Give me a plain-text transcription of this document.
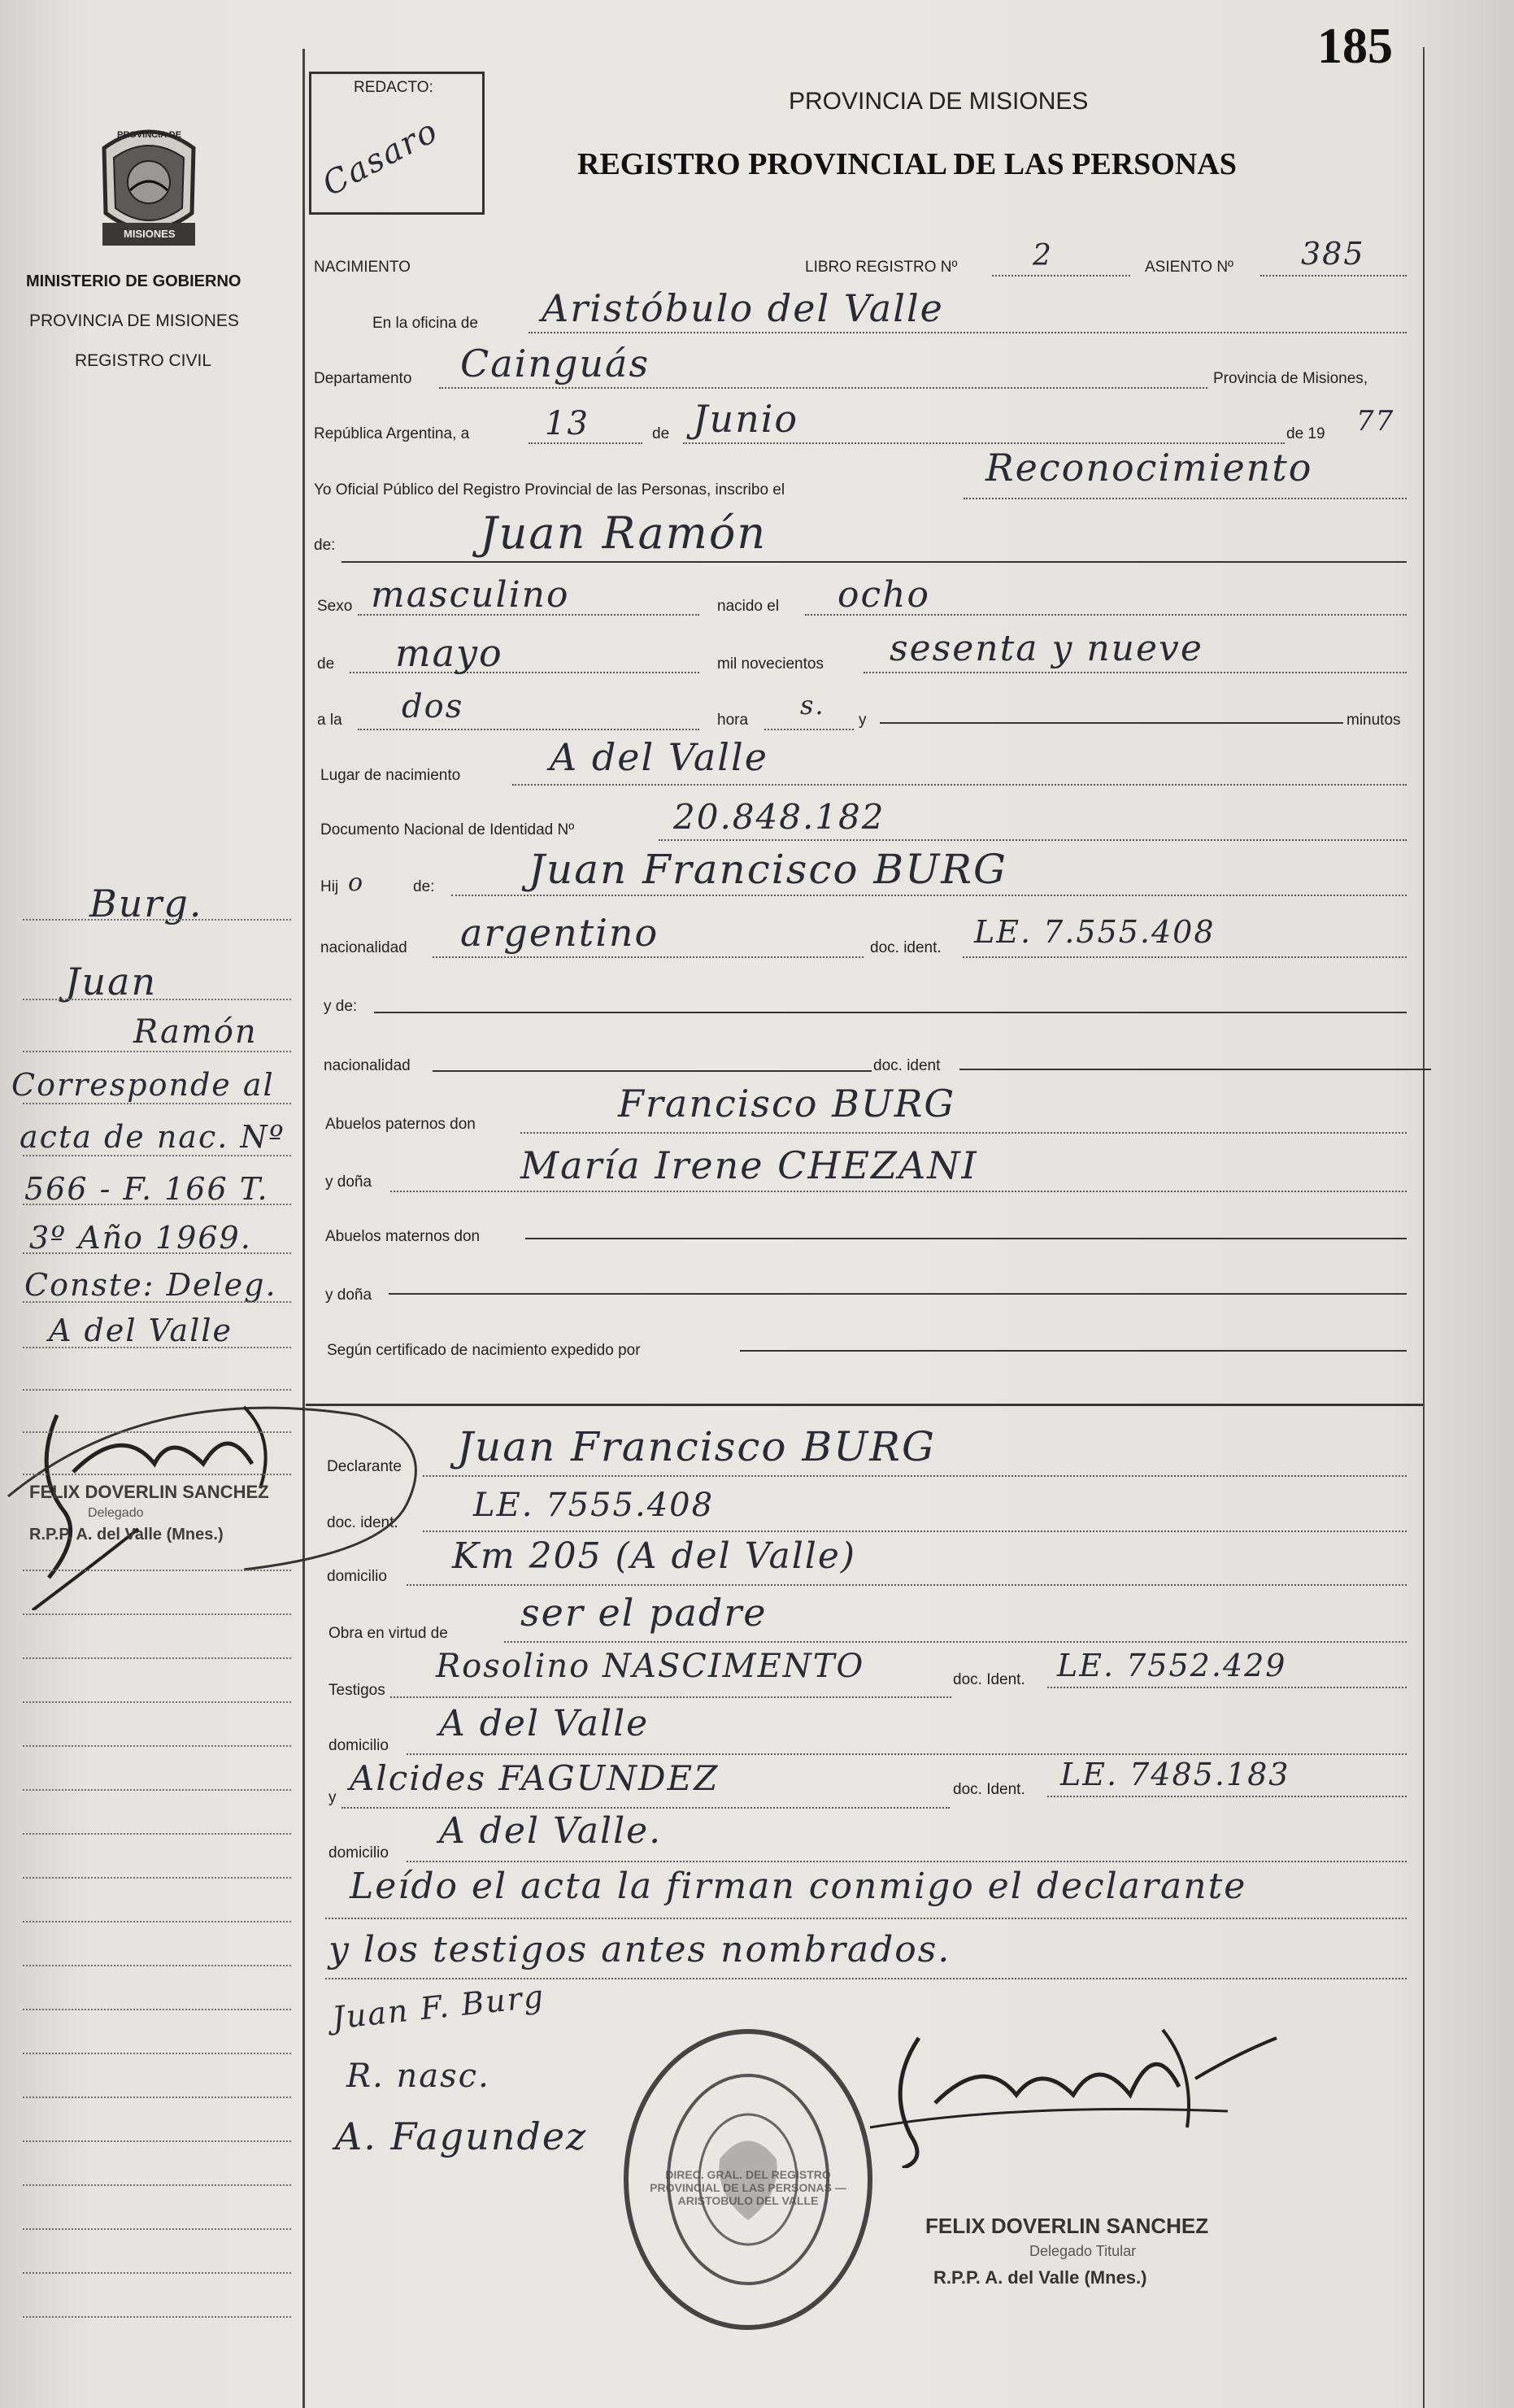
185
PROVINCIA DE
MISIONES
MINISTERIO DE GOBIERNO
PROVINCIA DE MISIONES
REGISTRO CIVIL
REDACTO:
Casaro
PROVINCIA DE MISIONES
REGISTRO PROVINCIAL DE LAS PERSONAS
NACIMIENTO	LIBRO REGISTRO Nº	2	ASIENTO Nº 385
En la oficina de Aristóbulo del Valle
Departamento Cainguás	Provincia de Misiones,
República Argentina, a 13	de Junio	de 19 77
Yo Oficial Público del Registro Provincial de las Personas, inscribo el
Reconocimiento
de:	Juan Ramón
Sexo masculino	nacido el ocho
de mayo	mil novecientos sesenta y nueve
a la dos	hora s. y	minutos
Lugar de nacimiento A del Valle
Documento Nacional de Identidad Nº	20.848.182
Hij o	de: Juan Francisco BURG
nacionalidad argentino	doc. ident. LE. 7.555.408
y de:
nacionalidad	doc. ident
Abuelos paternos don	Francisco BURG
y doña	María Irene CHEZANI
Abuelos maternos don
y doña
Según certificado de nacimiento expedido por
Declarante Juan Francisco BURG
doc. ident. LE. 7555.408
domicilio Km 205 (A del Valle)
Obra en virtud de ser el padre
Testigos
Rosolino NASCIMENTO	doc. Ident. LE. 7552.429
domicilio
A del Valle
y Alcides FAGUNDEZ	doc. Ident. LE. 7485.183
domicilio
A del Valle.
Leído el acta la firman conmigo el declarante
y los testigos antes nombrados.
Juan F. Burg
R. nasc.
A. Fagundez
DIREC. GRAL. DEL REGISTRO PROVINCIAL DE LAS PERSONAS — ARISTOBULO DEL VALLE
FELIX DOVERLIN SANCHEZ
Delegado Titular
R.P.P. A. del Valle (Mnes.)
Burg.
Juan
Ramón
Corresponde al
acta de nac. Nº
566 - F. 166 T.
3º Año 1969.
Conste: Deleg.
A del Valle
FELIX DOVERLIN SANCHEZ
Delegado
R.P.P. A. del Valle (Mnes.)
